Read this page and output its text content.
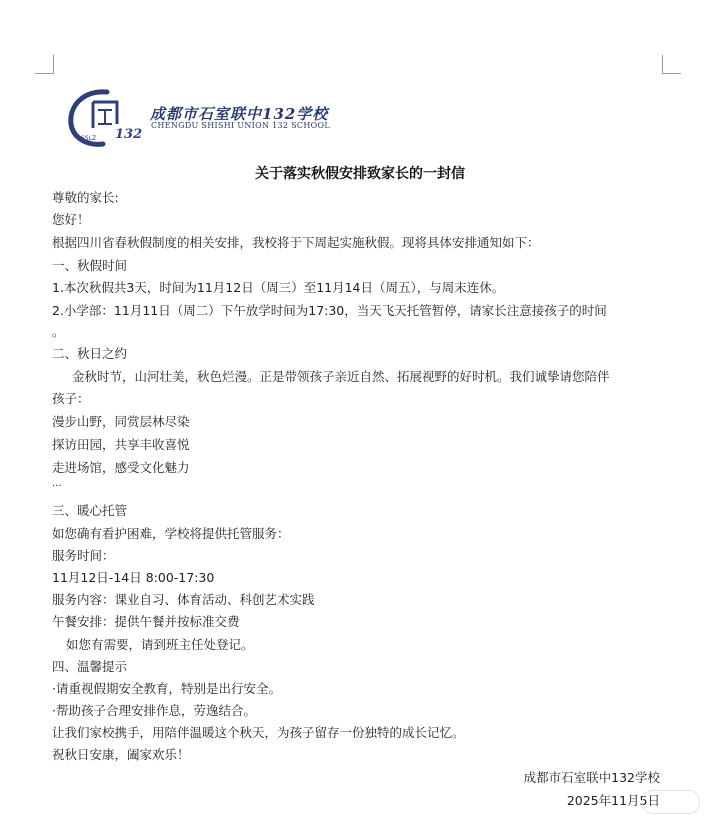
SSLZ 132
成都市石室联中132学校
CHENGDU SHISHI UNION 132 SCHOOL
关于落实秋假安排致家长的一封信
尊敬的家长:
您好！
根据四川省春秋假制度的相关安排，我校将于下周起实施秋假。现将具体安排通知如下：
一、秋假时间
1.本次秋假共3天，时间为11月12日（周三）至11月14日（周五），与周末连休。
2.小学部：11月11日（周二）下午放学时间为17:30，当天飞天托管暂停，请家长注意接孩子的时间
。
二、秋日之约
金秋时节，山河壮美，秋色烂漫。正是带领孩子亲近自然、拓展视野的好时机。我们诚挚请您陪伴
孩子：
漫步山野，同赏层林尽染
探访田园，共享丰收喜悦
走进场馆，感受文化魅力
...
三、暖心托管
如您确有看护困难，学校将提供托管服务：
服务时间：
11月12日-14日 8:00-17:30
服务内容：课业自习、体育活动、科创艺术实践
午餐安排：提供午餐并按标准交费
如您有需要，请到班主任处登记。
四、温馨提示
·请重视假期安全教育，特别是出行安全。
·帮助孩子合理安排作息，劳逸结合。
让我们家校携手，用陪伴温暖这个秋天，为孩子留存一份独特的成长记忆。
祝秋日安康，阖家欢乐！
成都市石室联中132学校
2025年11月5日
